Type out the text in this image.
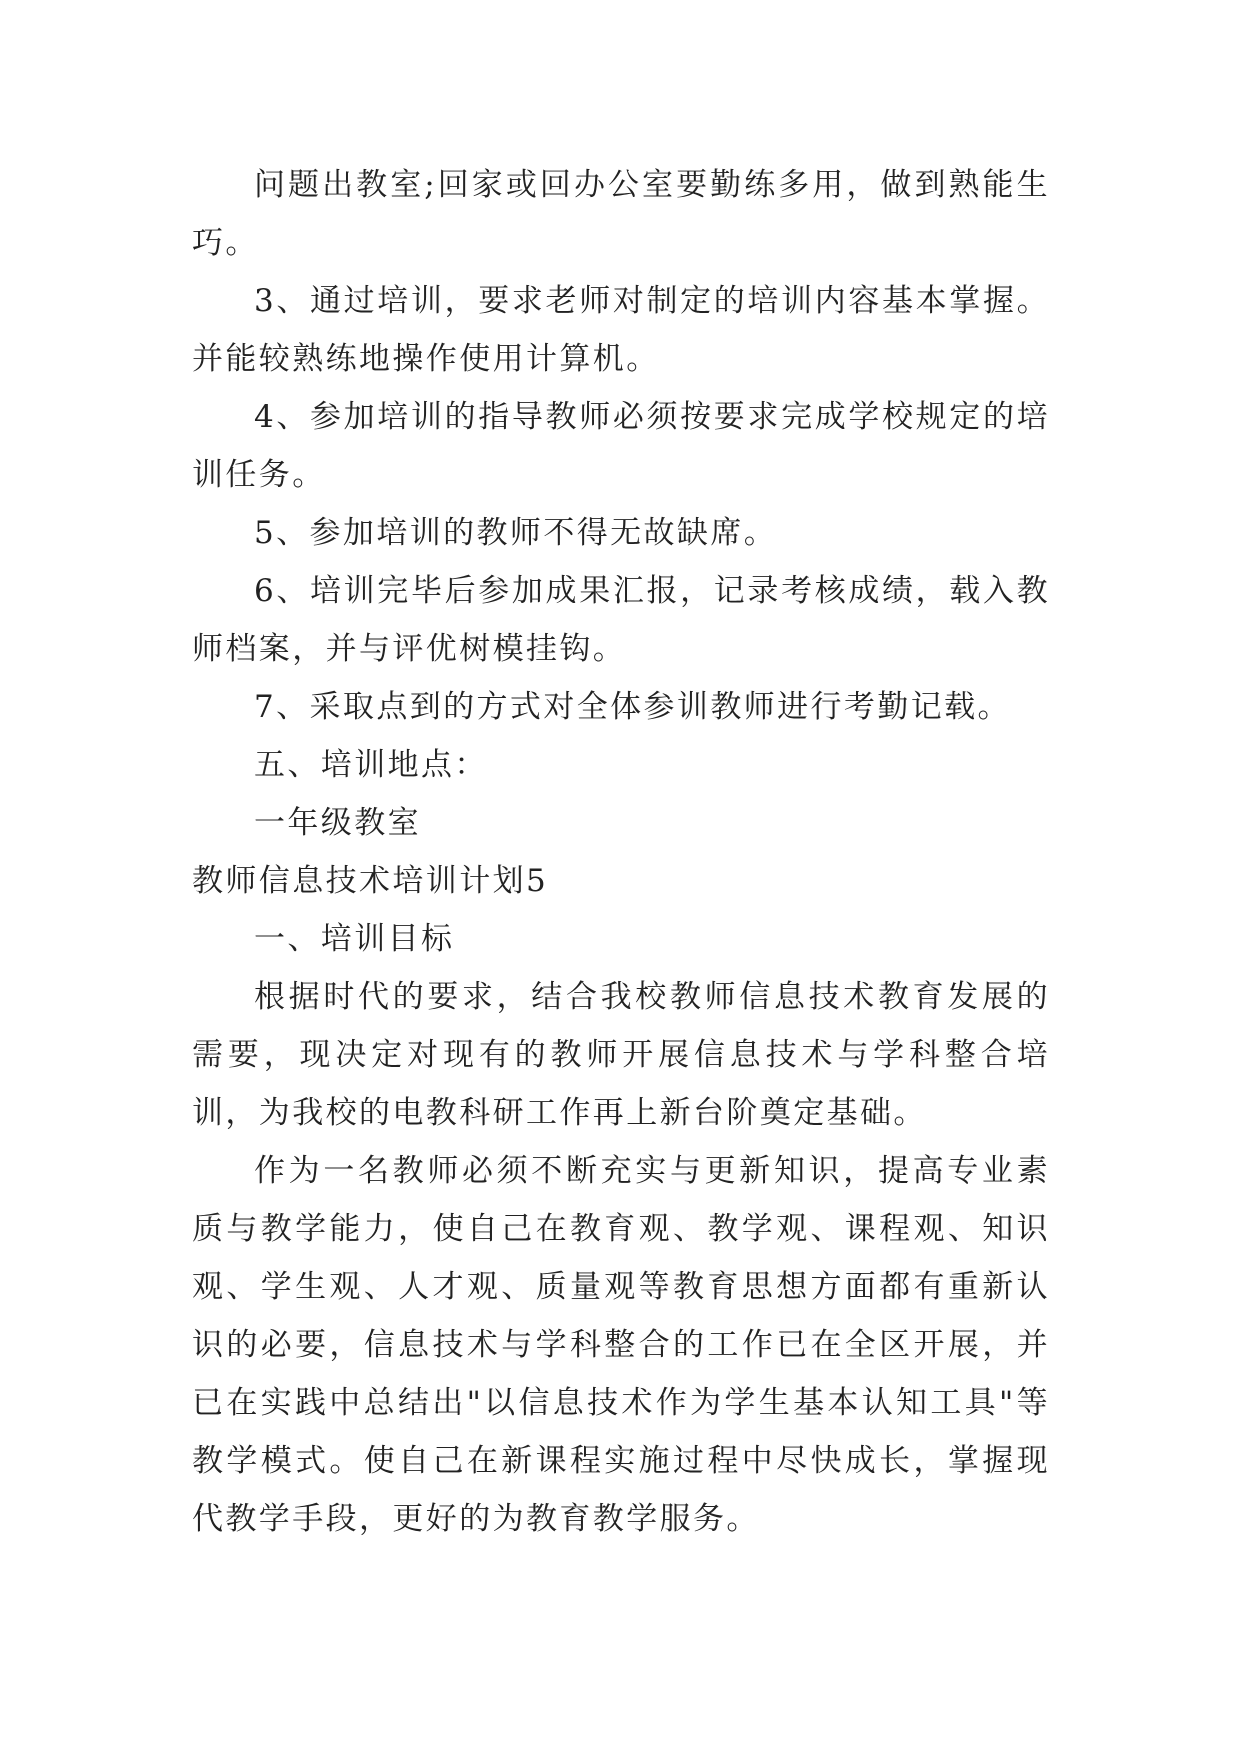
问题出教室;回家或回办公室要勤练多用，做到熟能生巧。

3、通过培训，要求老师对制定的培训内容基本掌握。并能较熟练地操作使用计算机。

4、参加培训的指导教师必须按要求完成学校规定的培训任务。

5、参加培训的教师不得无故缺席。

6、培训完毕后参加成果汇报，记录考核成绩，载入教师档案，并与评优树模挂钩。

7、采取点到的方式对全体参训教师进行考勤记载。

五、培训地点：

一年级教室

教师信息技术培训计划5

一、培训目标

根据时代的要求，结合我校教师信息技术教育发展的需要，现决定对现有的教师开展信息技术与学科整合培训，为我校的电教科研工作再上新台阶奠定基础。

作为一名教师必须不断充实与更新知识，提高专业素质与教学能力，使自己在教育观、教学观、课程观、知识观、学生观、人才观、质量观等教育思想方面都有重新认识的必要，信息技术与学科整合的工作已在全区开展，并已在实践中总结出"以信息技术作为学生基本认知工具"等教学模式。使自己在新课程实施过程中尽快成长，掌握现代教学手段，更好的为教育教学服务。
